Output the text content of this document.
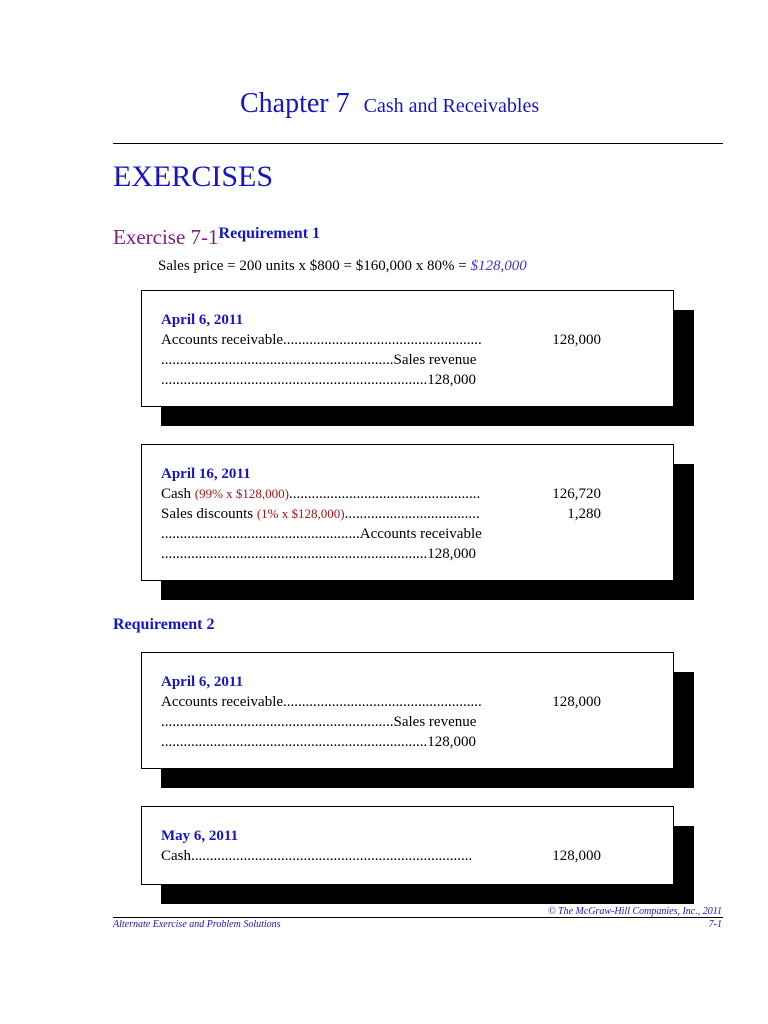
Chapter 7 Cash and Receivables
EXERCISES
Exercise 7-1Requirement 1
Sales price = 200 units x $800 = $160,000 x 80% = $128,000
April 6, 2011
Accounts receivable.....................................................	128,000
..............................................................Sales revenue
.......................................................................128,000
April 16, 2011
Cash (99% x $128,000)...................................................	126,720
Sales discounts (1% x $128,000)....................................	1,280
.....................................................Accounts receivable
.......................................................................128,000
Requirement 2
April 6, 2011
Accounts receivable.....................................................	128,000
..............................................................Sales revenue
.......................................................................128,000
May 6, 2011
Cash...........................................................................	128,000
© The McGraw-Hill Companies, Inc., 2011
Alternate Exercise and Problem Solutions	7-1
